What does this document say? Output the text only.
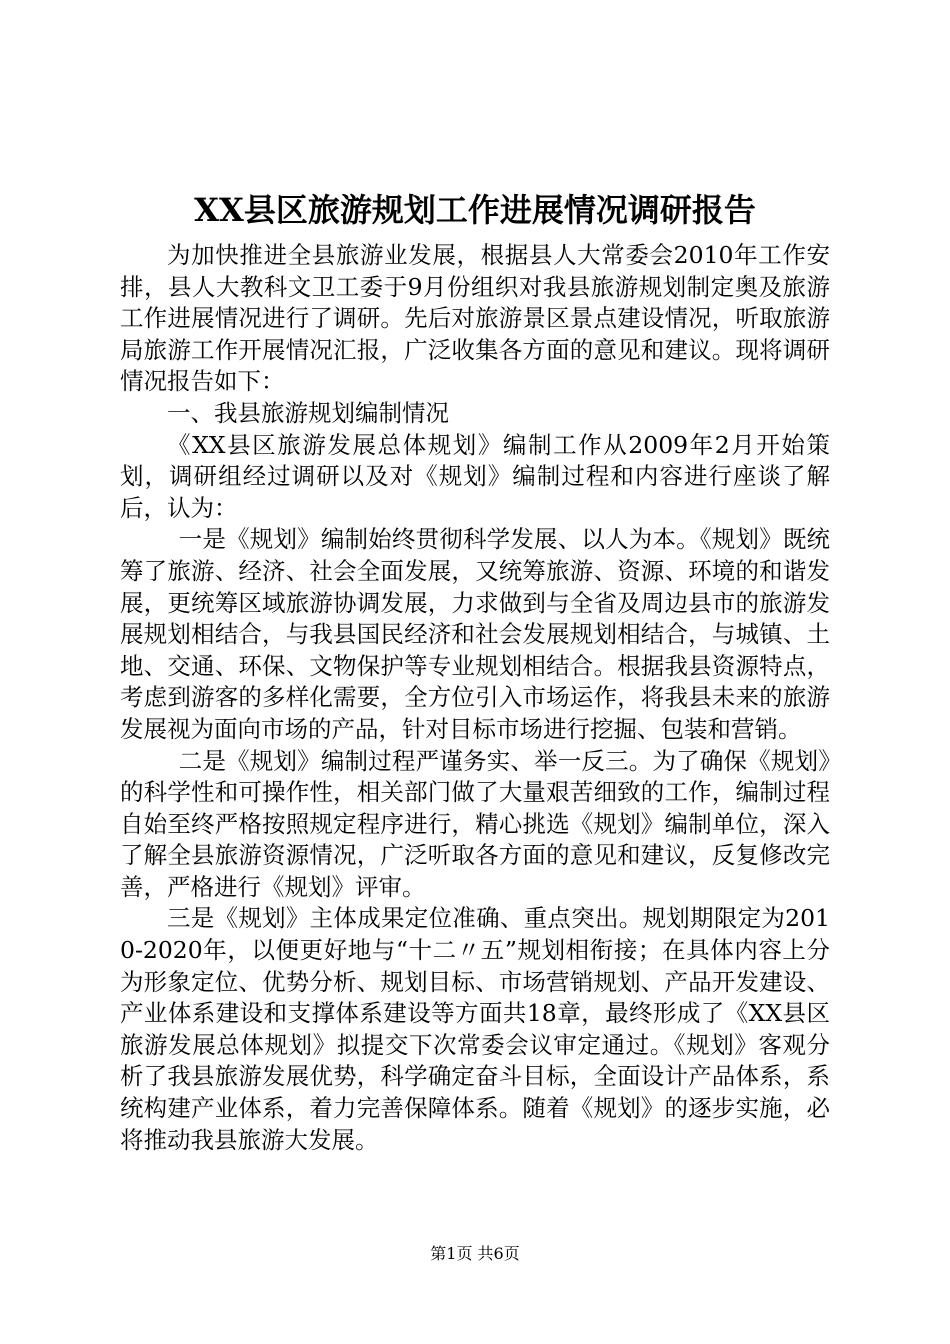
XX县区旅游规划工作进展情况调研报告

为加快推进全县旅游业发展，根据县人大常委会2010年工作安排，县人大教科文卫工委于9月份组织对我县旅游规划制定奥及旅游工作进展情况进行了调研。先后对旅游景区景点建设情况，听取旅游局旅游工作开展情况汇报，广泛收集各方面的意见和建议。现将调研情况报告如下：

一、我县旅游规划编制情况

《XX县区旅游发展总体规划》编制工作从2009年2月开始策划，调研组经过调研以及对《规划》编制过程和内容进行座谈了解后，认为：

一是《规划》编制始终贯彻科学发展、以人为本。《规划》既统筹了旅游、经济、社会全面发展，又统筹旅游、资源、环境的和谐发展，更统筹区域旅游协调发展，力求做到与全省及周边县市的旅游发展规划相结合，与我县国民经济和社会发展规划相结合，与城镇、土地、交通、环保、文物保护等专业规划相结合。根据我县资源特点，考虑到游客的多样化需要，全方位引入市场运作，将我县未来的旅游发展视为面向市场的产品，针对目标市场进行挖掘、包装和营销。

二是《规划》编制过程严谨务实、举一反三。为了确保《规划》的科学性和可操作性，相关部门做了大量艰苦细致的工作，编制过程自始至终严格按照规定程序进行，精心挑选《规划》编制单位，深入了解全县旅游资源情况，广泛听取各方面的意见和建议，反复修改完善，严格进行《规划》评审。

三是《规划》主体成果定位准确、重点突出。规划期限定为2010-2020年，以便更好地与“十二〃五”规划相衔接；在具体内容上分为形象定位、优势分析、规划目标、市场营销规划、产品开发建设、产业体系建设和支撑体系建设等方面共18章，最终形成了《XX县区旅游发展总体规划》拟提交下次常委会议审定通过。《规划》客观分析了我县旅游发展优势，科学确定奋斗目标，全面设计产品体系，系统构建产业体系，着力完善保障体系。随着《规划》的逐步实施，必将推动我县旅游大发展。

第1页 共6页
